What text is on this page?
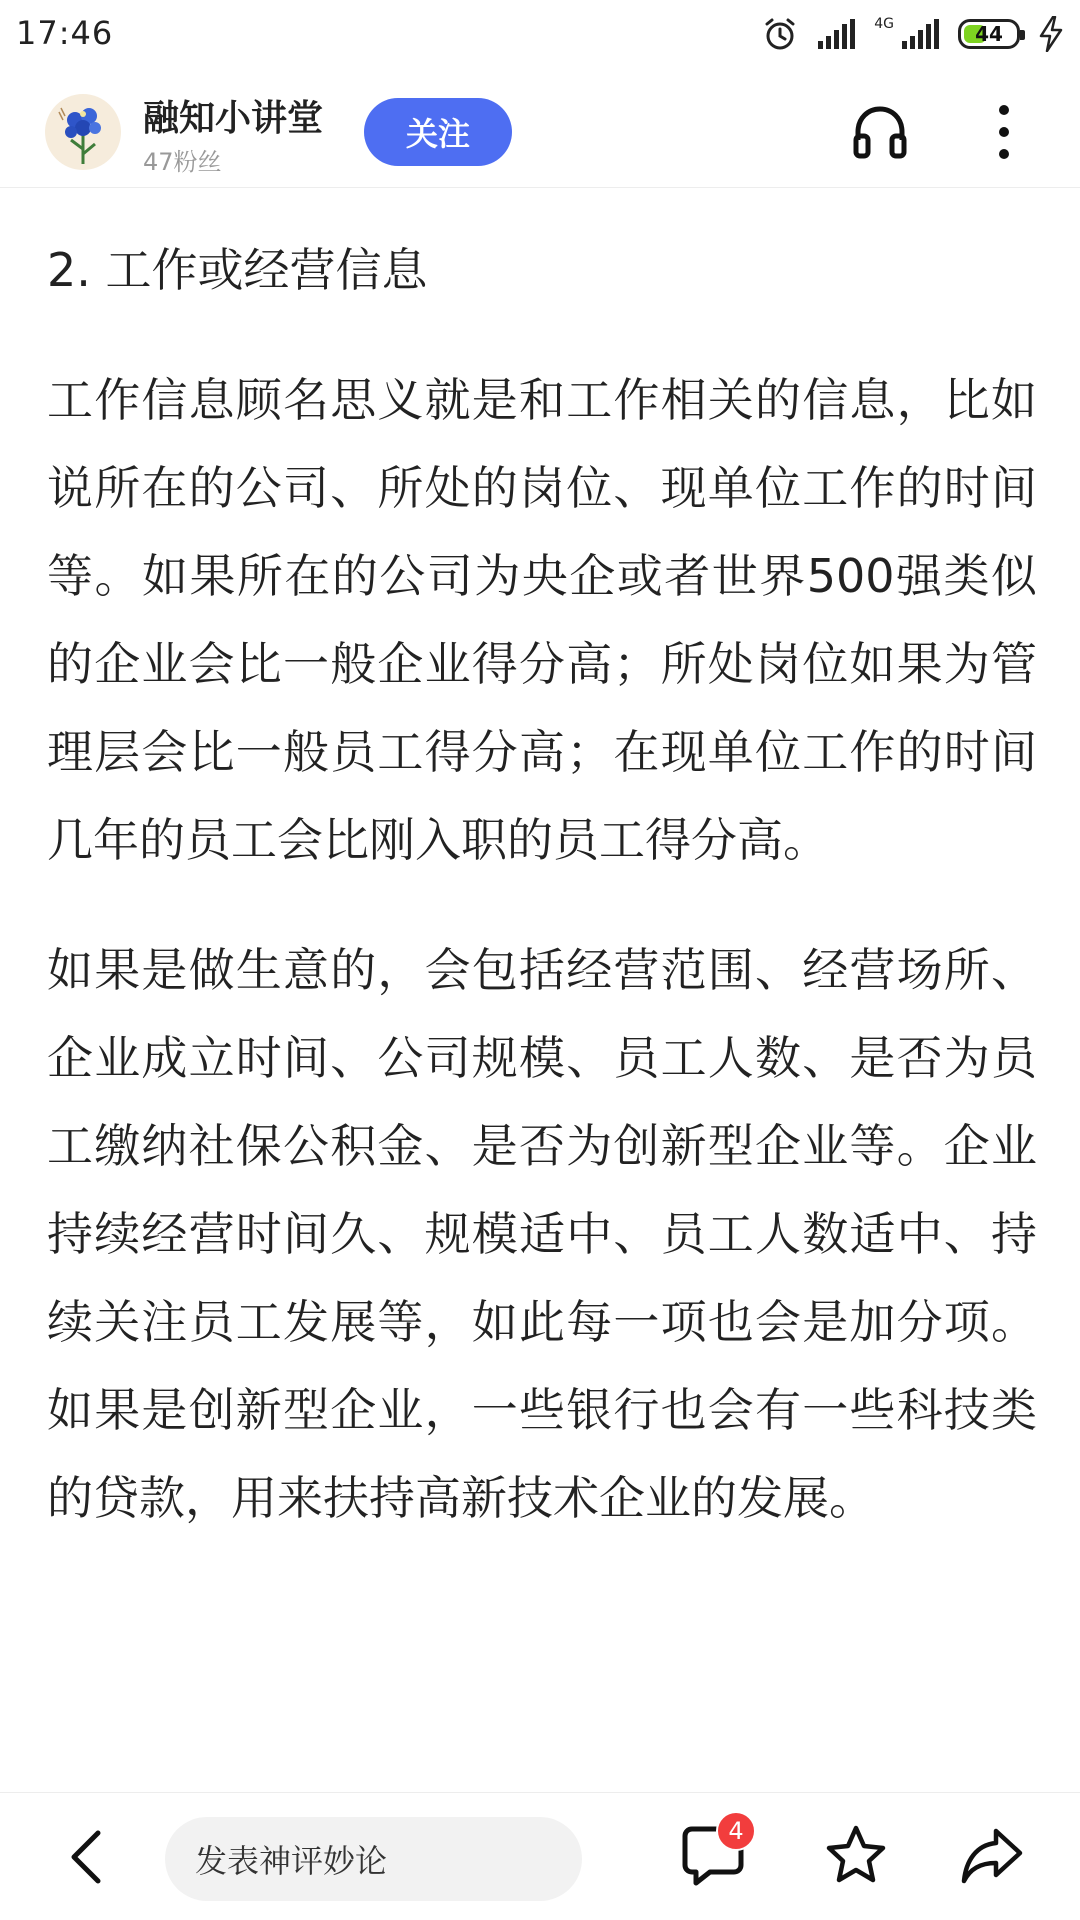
17:46	4G	44
融知小讲堂
47粉丝
关注
2. 工作或经营信息

工作信息顾名思义就是和工作相关的信息，比如说所在的公司、所处的岗位、现单位工作的时间等。如果所在的公司为央企或者世界500强类似的企业会比一般企业得分高；所处岗位如果为管理层会比一般员工得分高；在现单位工作的时间几年的员工会比刚入职的员工得分高。

如果是做生意的，会包括经营范围、经营场所、企业成立时间、公司规模、员工人数、是否为员工缴纳社保公积金、是否为创新型企业等。企业持续经营时间久、规模适中、员工人数适中、持续关注员工发展等，如此每一项也会是加分项。如果是创新型企业，一些银行也会有一些科技类的贷款，用来扶持高新技术企业的发展。

发表神评妙论
4
